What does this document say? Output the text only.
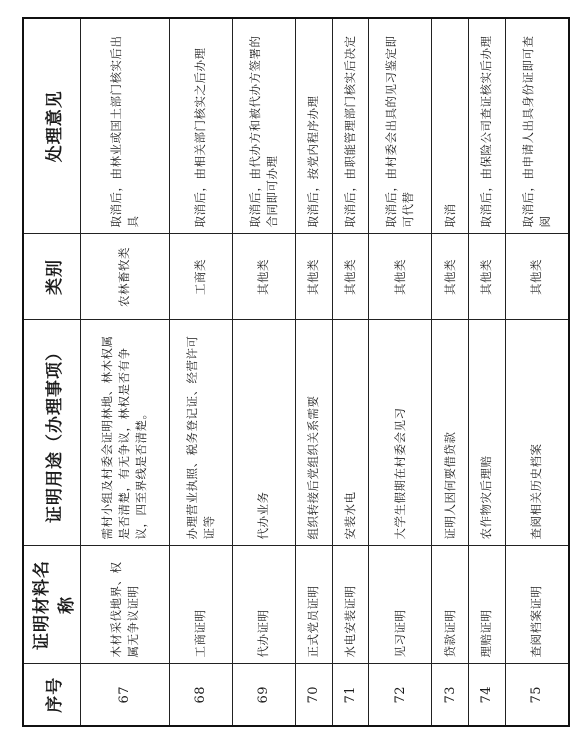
序号	证明材料名称	证明用途（办理事项）	类别	处理意见
67	木材采伐地界、权属无争议证明	需村小组及村委会证明林地、林木权属是否清楚，有无争议，林权是否有争议，四至界线是否清楚。	农林畜牧类	取消后，由林业或国土部门核实后出具
68	工商证明	办理营业执照、税务登记证、经营许可证等	工商类	取消后，由相关部门核实之后办理
69	代办证明	代办业务	其他类	取消后，由代办方和被代办方签署的合同即可办理
70	正式党员证明	组织转接后党组织关系需要	其他类	取消后，按党内程序办理
71	水电安装证明	安装水电	其他类	取消后，由职能管理部门核实后决定
72	见习证明	大学生假期在村委会见习	其他类	取消后，由村委会出具的见习鉴定即可代替
73	贷款证明	证明人因何要借贷款	其他类	取消
74	理赔证明	农作物灾后理赔	其他类	取消后，由保险公司查证核实后办理
75	查阅档案证明	查阅相关历史档案	其他类	取消后，由申请人出具身份证即可查阅
